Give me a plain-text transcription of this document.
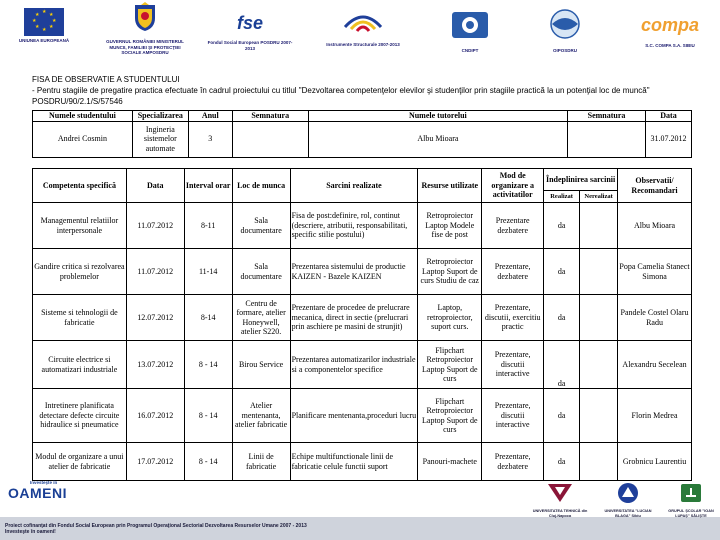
★
★
★
★
★
★
★
★
UNIUNEA EUROPEANĂ	GUVERNUL ROMÂNIEI MINISTERUL MUNCII, FAMILIEI ŞI PROTECŢIEI SOCIALE AMPOSDRU
fse
Fondul Social European POSDRU 2007-2013
Instrumente Structurale 2007-2013
CNDIPT	OIPOSDRU
compa
S.C. COMPA S.A. SIBIU
FISA DE OBSERVATIE A STUDENTULUI
- Pentru stagiile de pregatire practica efectuate în cadrul proiectului cu titlul "Dezvoltarea competenţelor elevilor şi studenţilor prin stagiile practică la un potenţial loc de muncă" POSDRU/90/2.1/S/57546
Numele studentului	Specializarea	Anul	Semnatura	Numele tutorelui	Semnatura	Data
Andrei Cosmin	Ingineria sistemelor automate	3		Albu Mioara		31.07.2012
Competenta specifică	Data	Interval orar	Loc de munca	Sarcini realizate	Resurse utilizate	Mod de organizare a activitatilor	Îndeplinirea sarcinii		Observatii/ Recomandari
							Realizat	Nerealizat	
Managementul relatiilor interpersonale	11.07.2012	8-11	Sala documentare	Fisa de post:definire, rol, continut (descriere, atributii, responsabilitati, specific stilie postului)	Retroproiector Laptop Modele fise de post	Prezentare dezbatere	da		Albu Mioara
Gandire critica si rezolvarea problemelor	11.07.2012	11-14	Sala documentare	Prezentarea sistemului de productie KAIZEN - Bazele KAIZEN	Retroproiector Laptop Suport de curs Studiu de caz	Prezentare, dezbatere	da		Popa Camelia Stanect Simona
Sisteme si tehnologii de fabricatie	12.07.2012	8-14	Centru de formare, atelier Honeywell, atelier S220.	Prezentare de procedee de prelucrare mecanica, direct in sectie (prelucrari prin aschiere pe masini de strunjit)	Laptop, retroproiector, suport curs.	Prezentare, discutii, exercitiu practic	da		Pandele Costel Olaru Radu
Circuite electrice si automatizari industriale	13.07.2012	8 - 14	Birou Service	Prezentarea automatizarilor industriale si a componentelor specifice	Flipchart Retroproiector Laptop Suport de curs	Prezentare, discutii interactive	da		Alexandru Secelean
Intretinere planificata detectare defecte circuite hidraulice si pneumatice	16.07.2012	8 - 14	Atelier mentenanta, atelier fabricatie	Planificare mentenanta,proceduri lucru	Flipchart Retroproiector Laptop Suport de curs	Prezentare, discutii interactive	da		Florin Medrea
Modul de organizare a unui atelier de fabricatie	17.07.2012	8 - 14	Linii de fabricatie	Echipe multifunctionale linii de fabricatie celule functii suport	Panouri-machete	Prezentare, dezbatere	da		Grobnicu Laurentiu
Proiect cofinanţat din Fondul Social European prin Programul Operaţional Sectorial Dezvoltarea Resurselor Umane 2007 - 2013
Investeşte în oameni!
Investeşte în
OAMENI
UNIVERSITATEA TEHNICĂ din Cluj-Napoca
UNIVERSITATEA "LUCIAN BLAGA" Sibiu
GRUPUL ŞCOLAR "IOAN LUPAŞ" SĂLIŞTE
